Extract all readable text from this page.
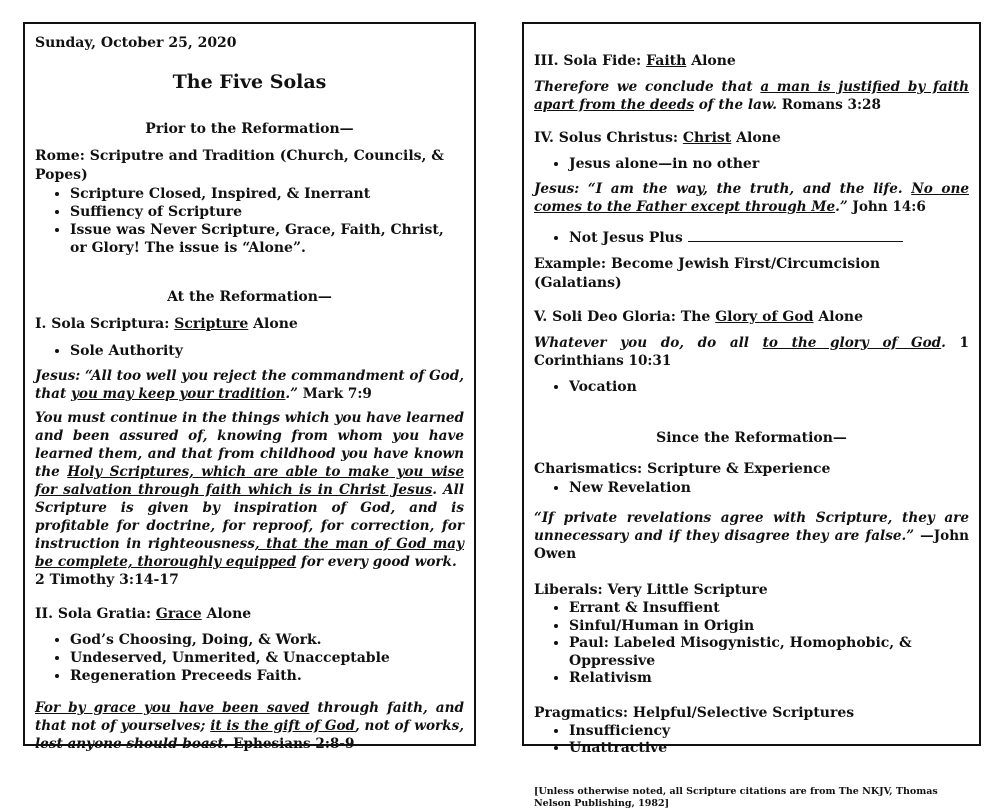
Sunday, October 25, 2020

The Five Solas

Prior to the Reformation—

Rome: Scriputre and Tradition (Church, Councils, & Popes)

• Scripture Closed, Inspired, & Inerrant
• Suffiency of Scripture
• Issue was Never Scripture, Grace, Faith, Christ, or Glory! The issue is “Alone”.

At the Reformation—

I. Sola Scriptura: Scripture Alone

• Sole Authority

Jesus: “All too well you reject the commandment of God, that you may keep your tradition.” Mark 7:9

You must continue in the things which you have learned and been assured of, knowing from whom you have learned them, and that from childhood you have known the Holy Scriptures, which are able to make you wise for salvation through faith which is in Christ Jesus. All Scripture is given by inspiration of God, and is profitable for doctrine, for reproof, for correction, for instruction in righteousness, that the man of God may be complete, thoroughly equipped for every good work.

2 Timothy 3:14-17

II. Sola Gratia: Grace Alone

• God’s Choosing, Doing, & Work.
• Undeserved, Unmerited, & Unacceptable
• Regeneration Preceeds Faith.

For by grace you have been saved through faith, and that not of yourselves; it is the gift of God, not of works, lest anyone should boast. Ephesians 2:8-9

III. Sola Fide: Faith Alone

Therefore we conclude that a man is justified by faith apart from the deeds of the law. Romans 3:28

IV. Solus Christus: Christ Alone

• Jesus alone—in no other

Jesus: “I am the way, the truth, and the life. No one comes to the Father except through Me.” John 14:6

• Not Jesus Plus

Example: Become Jewish First/Circumcision (Galatians)

V. Soli Deo Gloria: The Glory of God Alone

Whatever you do, do all to the glory of God. 1 Corinthians 10:31

• Vocation

Since the Reformation—

Charismatics: Scripture & Experience

• New Revelation

“If private revelations agree with Scripture, they are unnecessary and if they disagree they are false.” —John Owen

Liberals: Very Little Scripture

• Errant & Insuffient
• Sinful/Human in Origin
• Paul: Labeled Misogynistic, Homophobic, & Oppressive
• Relativism

Pragmatics: Helpful/Selective Scriptures

• Insufficiency
• Unattractive

[Unless otherwise noted, all Scripture citations are from The NKJV, Thomas Nelson Publishing, 1982]
